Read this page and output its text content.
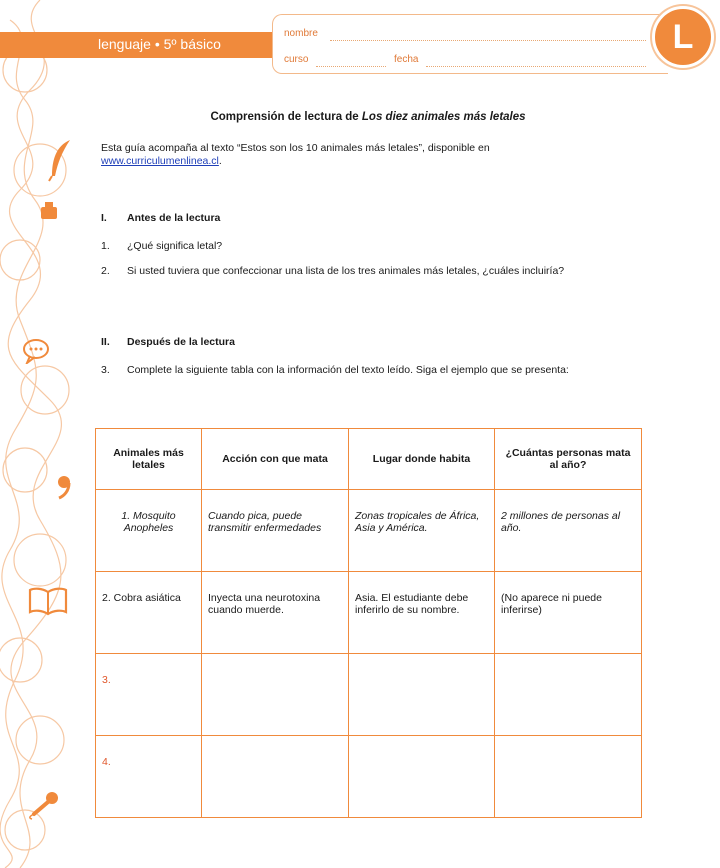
lenguaje • 5º básico
nombre
curso	fecha
L
Comprensión de lectura de Los diez animales más letales
Esta guía acompaña al texto “Estos son los 10 animales más letales”, disponible en
www.curriculumenlinea.cl.
I. Antes de la lectura
1. ¿Qué significa letal?
2. Si usted tuviera que confeccionar una lista de los tres animales más letales, ¿cuáles incluiría?
II. Después de la lectura
3. Complete la siguiente tabla con la información del texto leído. Siga el ejemplo que se presenta:
Animales más letales	Acción con que mata	Lugar donde habita	¿Cuántas personas mata al año?
1. Mosquito Anopheles	Cuando pica, puede transmitir enfermedades	Zonas tropicales de África, Asia y América.	2 millones de personas al año.
2. Cobra asiática	Inyecta una neurotoxina cuando muerde.	Asia. El estudiante debe inferirlo de su nombre.	(No aparece ni puede inferirse)
3.			
4.			
